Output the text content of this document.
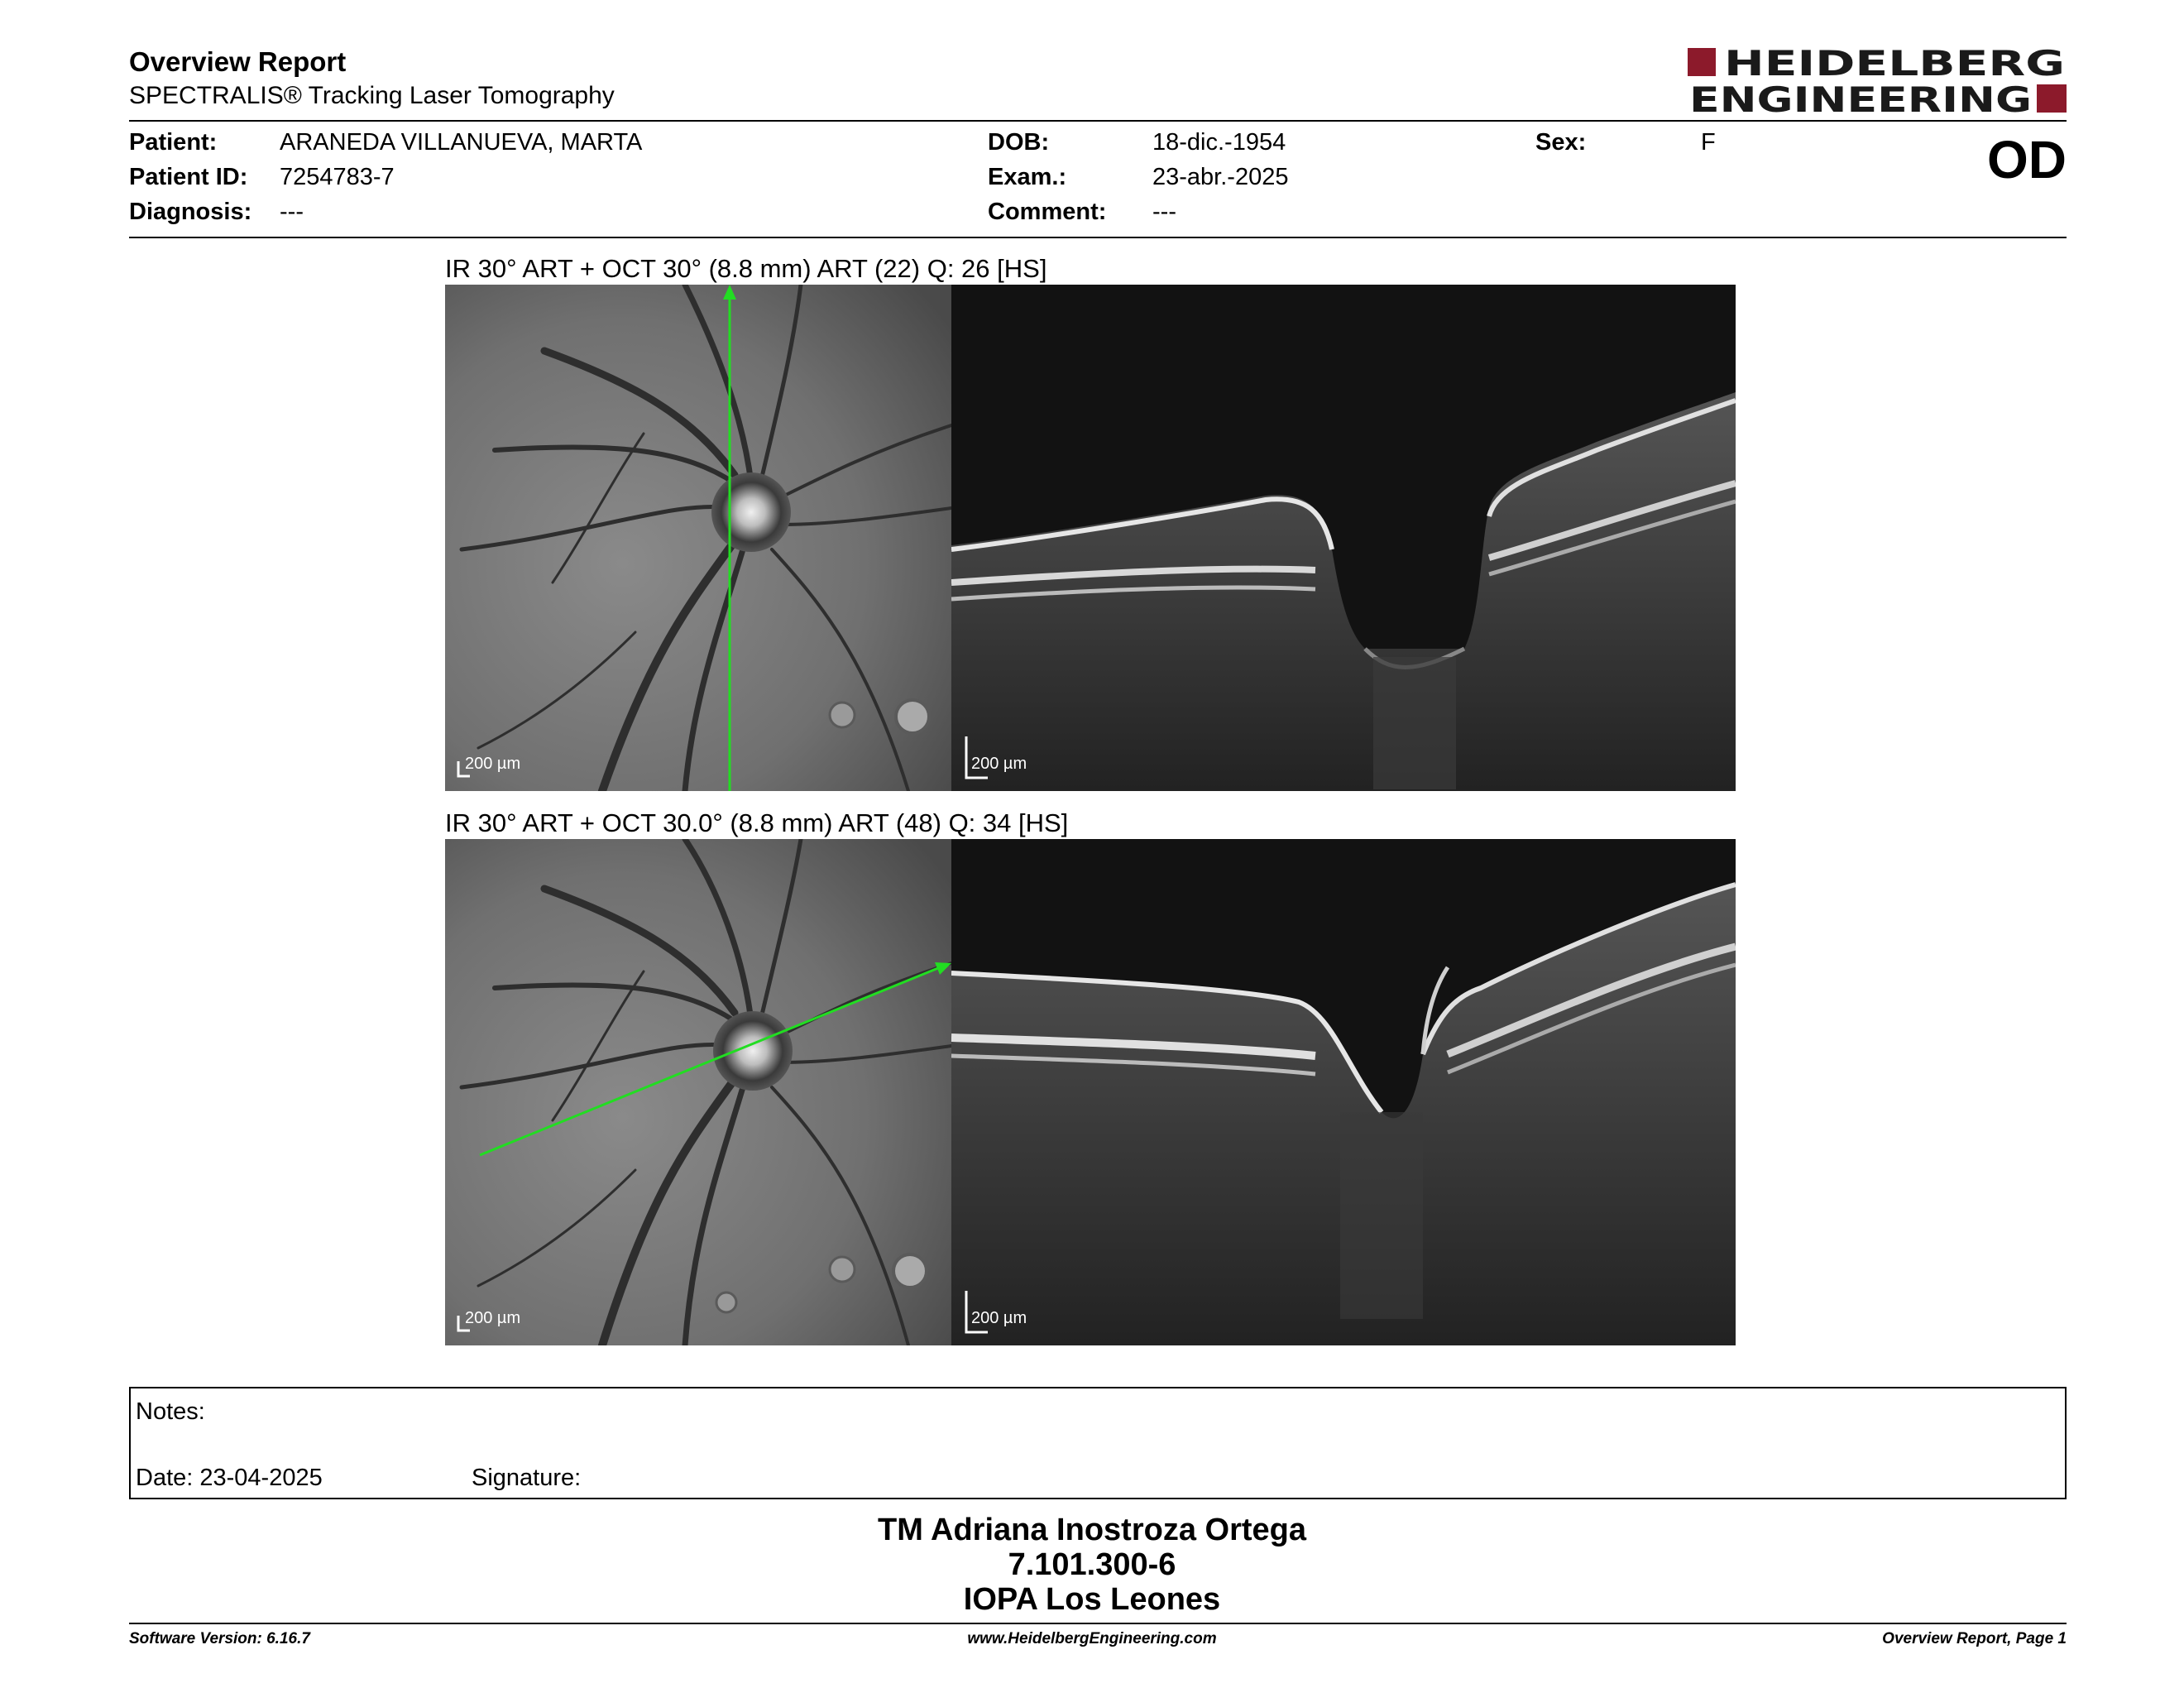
Overview Report
SPECTRALIS® Tracking Laser Tomography
HEIDELBERG
ENGINEERING
Patient:	ARANEDA VILLANUEVA, MARTA
Patient ID: 7254783-7
Diagnosis: ---
DOB:	18-dic.-1954
Exam.:	23-abr.-2025
Comment: ---
Sex:	F	OD
IR 30° ART + OCT 30° (8.8 mm) ART (22) Q: 26 [HS]
200 µm	200 µm
IR 30° ART + OCT 30.0° (8.8 mm) ART (48) Q: 34 [HS]
200 µm	200 µm
Notes:
Date: 23-04-2025	Signature:
TM Adriana Inostroza Ortega
7.101.300-6
IOPA Los Leones
Software Version: 6.16.7	www.HeidelbergEngineering.com	Overview Report, Page 1
